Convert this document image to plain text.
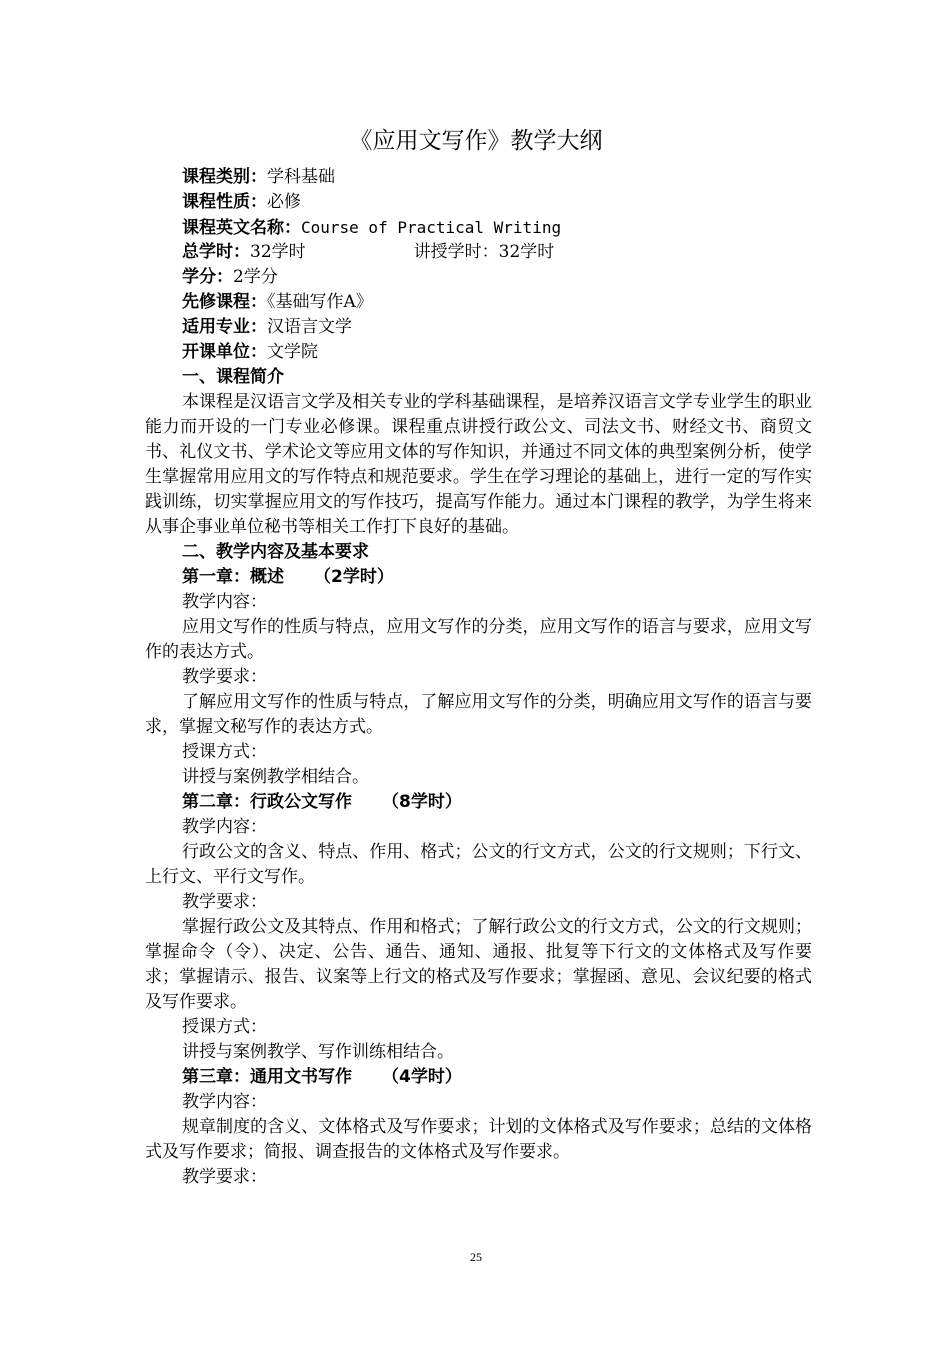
《应用文写作》教学大纲
课程类别：学科基础
课程性质：必修
课程英文名称：Course of Practical Writing
总学时：32学时	讲授学时：32学时
学分：2学分
先修课程：《基础写作A》
适用专业：汉语言文学
开课单位：文学院
一、课程简介
本课程是汉语言文学及相关专业的学科基础课程，是培养汉语言文学专业学生的职业能力而开设的一门专业必修课。课程重点讲授行政公文、司法文书、财经文书、商贸文书、礼仪文书、学术论文等应用文体的写作知识，并通过不同文体的典型案例分析，使学生掌握常用应用文的写作特点和规范要求。学生在学习理论的基础上，进行一定的写作实践训练，切实掌握应用文的写作技巧，提高写作能力。通过本门课程的教学，为学生将来从事企事业单位秘书等相关工作打下良好的基础。
二、教学内容及基本要求
第一章：概述 （2学时）
教学内容：
应用文写作的性质与特点，应用文写作的分类，应用文写作的语言与要求，应用文写作的表达方式。
教学要求：
了解应用文写作的性质与特点，了解应用文写作的分类，明确应用文写作的语言与要求，掌握文秘写作的表达方式。
授课方式：
讲授与案例教学相结合。
第二章：行政公文写作 （8学时）
教学内容：
行政公文的含义、特点、作用、格式；公文的行文方式，公文的行文规则；下行文、上行文、平行文写作。
教学要求：
掌握行政公文及其特点、作用和格式；了解行政公文的行文方式，公文的行文规则；掌握命令（令）、决定、公告、通告、通知、通报、批复等下行文的文体格式及写作要求；掌握请示、报告、议案等上行文的格式及写作要求；掌握函、意见、会议纪要的格式及写作要求。
授课方式：
讲授与案例教学、写作训练相结合。
第三章：通用文书写作 （4学时）
教学内容：
规章制度的含义、文体格式及写作要求；计划的文体格式及写作要求；总结的文体格式及写作要求；简报、调查报告的文体格式及写作要求。
教学要求：
25
